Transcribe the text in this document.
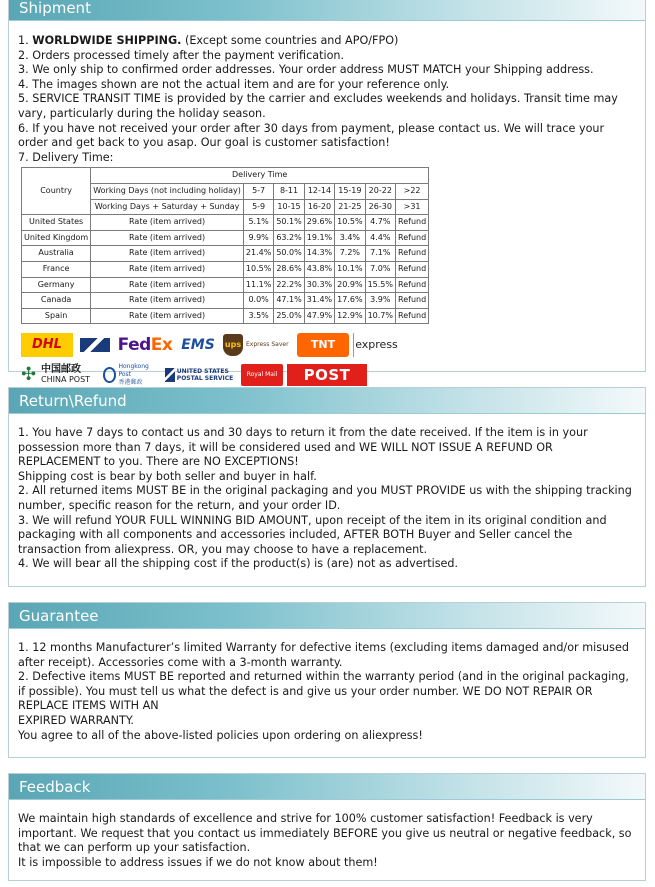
Shipment

1. WORLDWIDE SHIPPING. (Except some countries and APO/FPO)

2. Orders processed timely after the payment verification.

3. We only ship to confirmed order addresses. Your order address MUST MATCH your Shipping address.

4. The images shown are not the actual item and are for your reference only.

5. SERVICE TRANSIT TIME is provided by the carrier and excludes weekends and holidays. Transit time may vary, particularly during the holiday season.

6. If you have not received your order after 30 days from payment, please contact us. We will trace your order and get back to you asap. Our goal is customer satisfaction!

7. Delivery Time:

Country	Delivery Time						
	Working Days (not including holiday)	5-7	8-11	12-14	15-19	20-22	>22
	Working Days + Saturday + Sunday	5-9	10-15	16-20	21-25	26-30	>31
United States	Rate (item arrived)	5.1%	50.1%	29.6%	10.5%	4.7%	Refund
United Kingdom	Rate (item arrived)	9.9%	63.2%	19.1%	3.4%	4.4%	Refund
Australia	Rate (item arrived)	21.4%	50.0%	14.3%	7.2%	7.1%	Refund
France	Rate (item arrived)	10.5%	28.6%	43.8%	10.1%	7.0%	Refund
Germany	Rate (item arrived)	11.1%	22.2%	30.3%	20.9%	15.5%	Refund
Canada	Rate (item arrived)	0.0%	47.1%	31.4%	17.6%	3.9%	Refund
Spain	Rate (item arrived)	3.5%	25.0%	47.9%	12.9%	10.7%	Refund
DHL	Fed Ex EMS	ups Express Saver	TNT	express
✣ 中国邮政
CHINA POST
Hongkong Post
香港郵政
UNITED STATES POSTAL SERVICE
Royal Mail	POST
Return\Refund

1. You have 7 days to contact us and 30 days to return it from the date received. If the item is in your possession more than 7 days, it will be considered used and WE WILL NOT ISSUE A REFUND OR REPLACEMENT to you. There are NO EXCEPTIONS!

Shipping cost is bear by both seller and buyer in half.

2. All returned items MUST BE in the original packaging and you MUST PROVIDE us with the shipping tracking number, specific reason for the return, and your order ID.

3. We will refund YOUR FULL WINNING BID AMOUNT, upon receipt of the item in its original condition and packaging with all components and accessories included, AFTER BOTH Buyer and Seller cancel the transaction from aliexpress. OR, you may choose to have a replacement.

4. We will bear all the shipping cost if the product(s) is (are) not as advertised.

Guarantee

1. 12 months Manufacturer’s limited Warranty for defective items (excluding items damaged and/or misused after receipt). Accessories come with a 3-month warranty.

2. Defective items MUST BE reported and returned within the warranty period (and in the original packaging, if possible). You must tell us what the defect is and give us your order number. WE DO NOT REPAIR OR REPLACE ITEMS WITH AN

EXPIRED WARRANTY.

You agree to all of the above-listed policies upon ordering on aliexpress!

Feedback

We maintain high standards of excellence and strive for 100% customer satisfaction! Feedback is very important. We request that you contact us immediately BEFORE you give us neutral or negative feedback, so that we can perform up your satisfaction.

It is impossible to address issues if we do not know about them!
